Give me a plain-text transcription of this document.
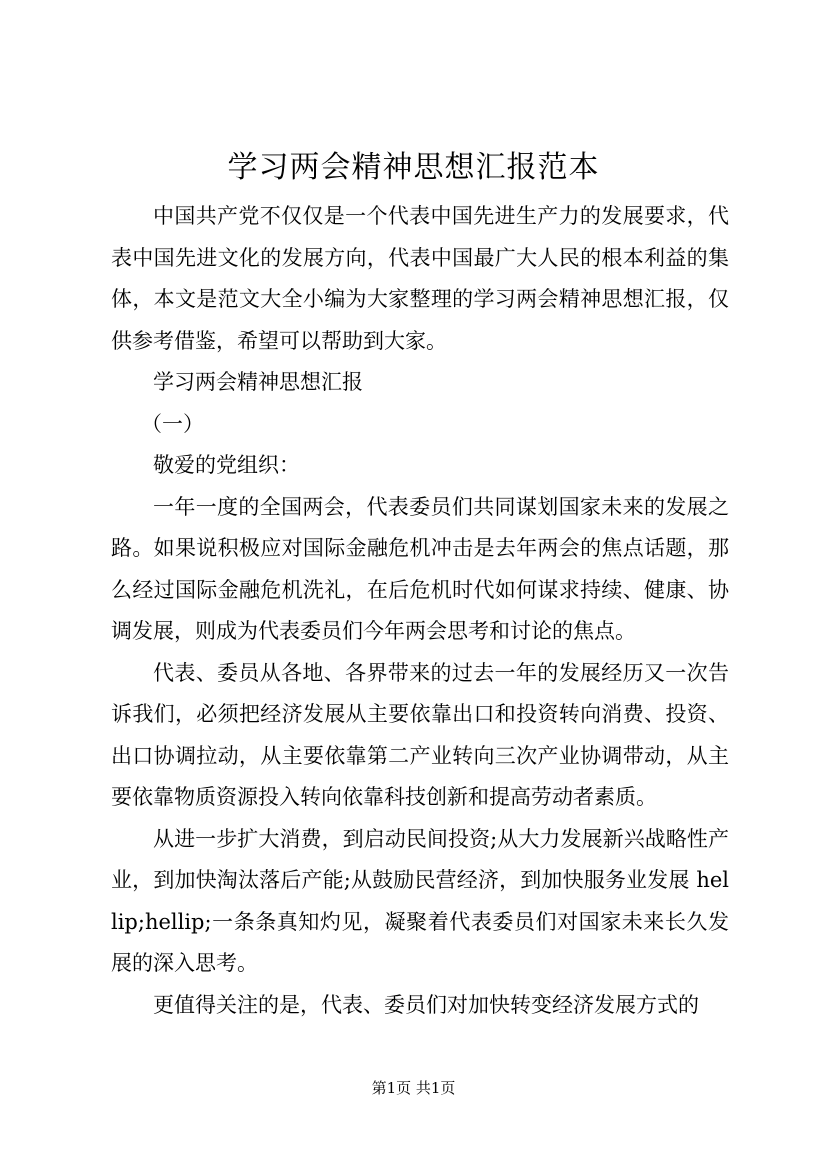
学习两会精神思想汇报范本

中国共产党不仅仅是一个代表中国先进生产力的发展要求，代表中国先进文化的发展方向，代表中国最广大人民的根本利益的集体，本文是范文大全小编为大家整理的学习两会精神思想汇报，仅供参考借鉴，希望可以帮助到大家。

学习两会精神思想汇报

（一）

敬爱的党组织：

一年一度的全国两会，代表委员们共同谋划国家未来的发展之路。如果说积极应对国际金融危机冲击是去年两会的焦点话题，那么经过国际金融危机洗礼，在后危机时代如何谋求持续、健康、协调发展，则成为代表委员们今年两会思考和讨论的焦点。

代表、委员从各地、各界带来的过去一年的发展经历又一次告诉我们，必须把经济发展从主要依靠出口和投资转向消费、投资、出口协调拉动，从主要依靠第二产业转向三次产业协调带动，从主要依靠物质资源投入转向依靠科技创新和提高劳动者素质。

从进一步扩大消费，到启动民间投资;从大力发展新兴战略性产业，到加快淘汰落后产能;从鼓励民营经济，到加快服务业发展 hellip;hellip;一条条真知灼见，凝聚着代表委员们对国家未来长久发展的深入思考。

更值得关注的是，代表、委员们对加快转变经济发展方式的

第1页 共1页
